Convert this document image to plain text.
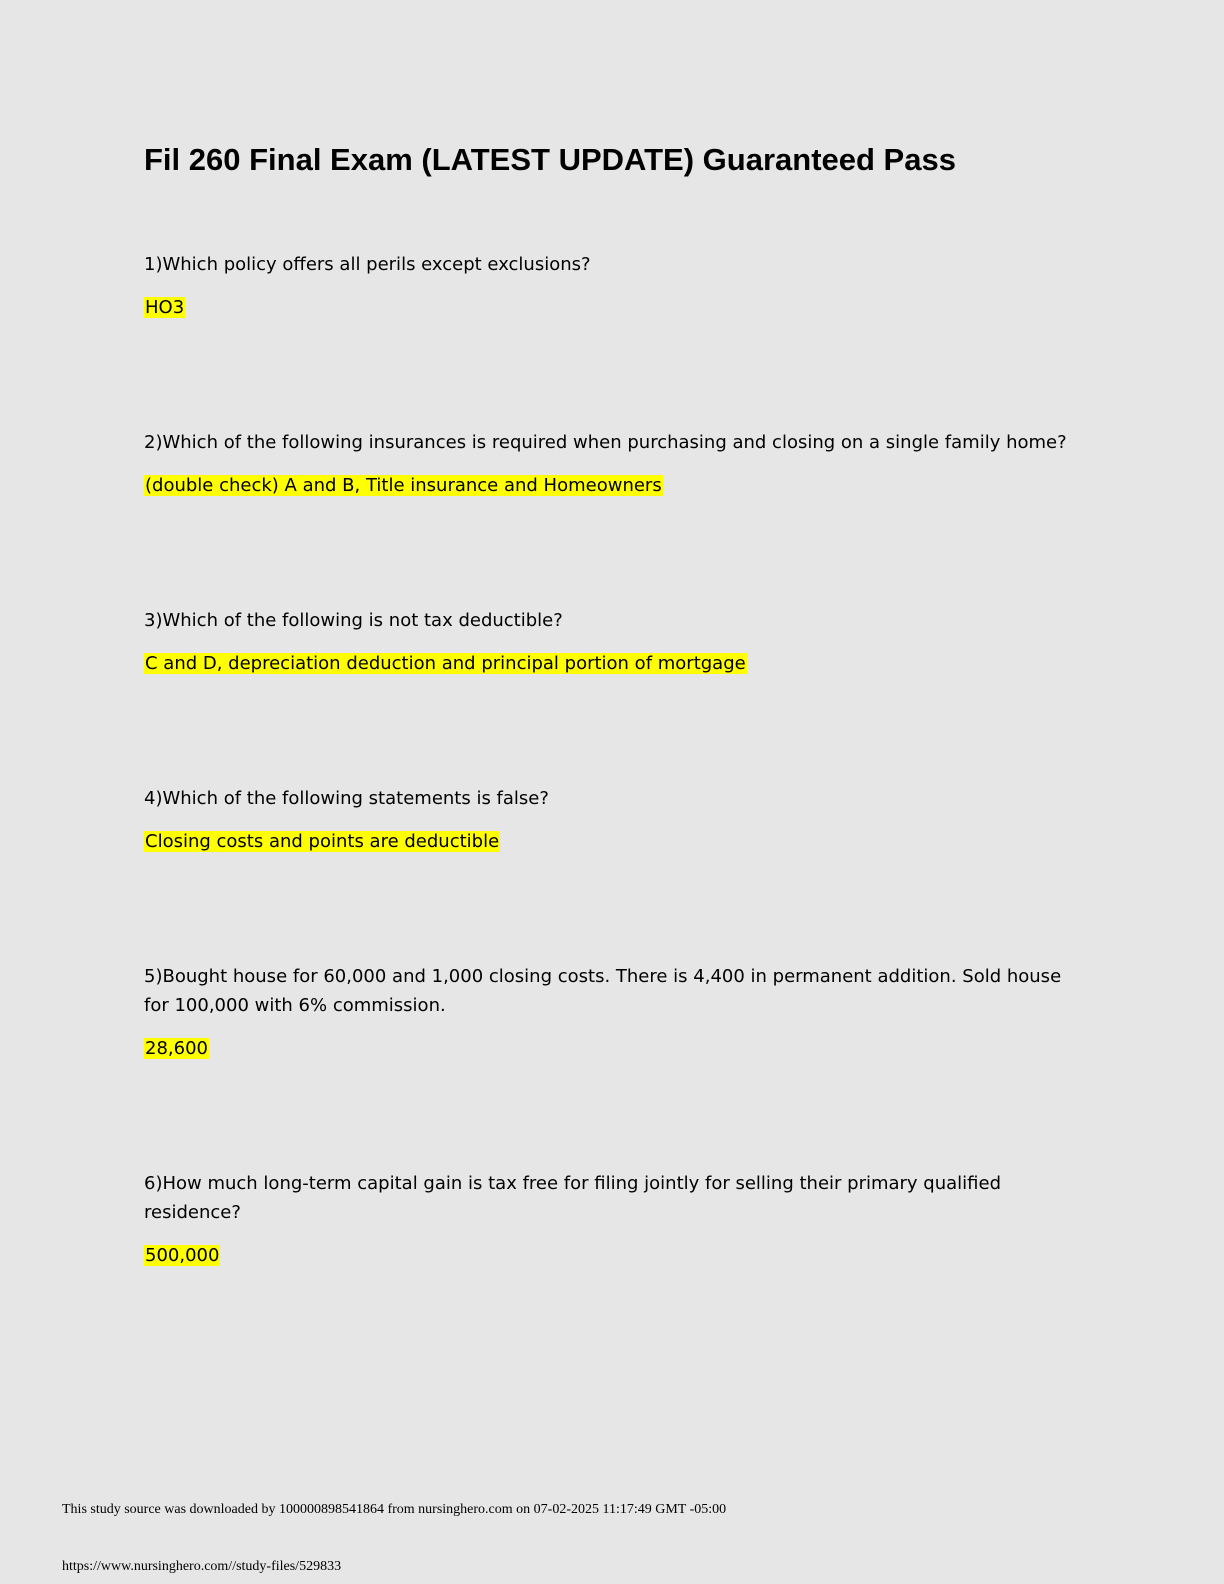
Fil 260 Final Exam (LATEST UPDATE) Guaranteed Pass

1)Which policy offers all perils except exclusions?

HO3

2)Which of the following insurances is required when purchasing and closing on a single family home?

(double check) A and B, Title insurance and Homeowners

3)Which of the following is not tax deductible?

C and D, depreciation deduction and principal portion of mortgage

4)Which of the following statements is false?

Closing costs and points are deductible

5)Bought house for 60,000 and 1,000 closing costs. There is 4,400 in permanent addition. Sold house for 100,000 with 6% commission.

28,600

6)How much long-term capital gain is tax free for filing jointly for selling their primary qualified residence?

500,000

This study source was downloaded by 100000898541864 from nursinghero.com on 07-02-2025 11:17:49 GMT -05:00
https://www.nursinghero.com//study-files/529833
